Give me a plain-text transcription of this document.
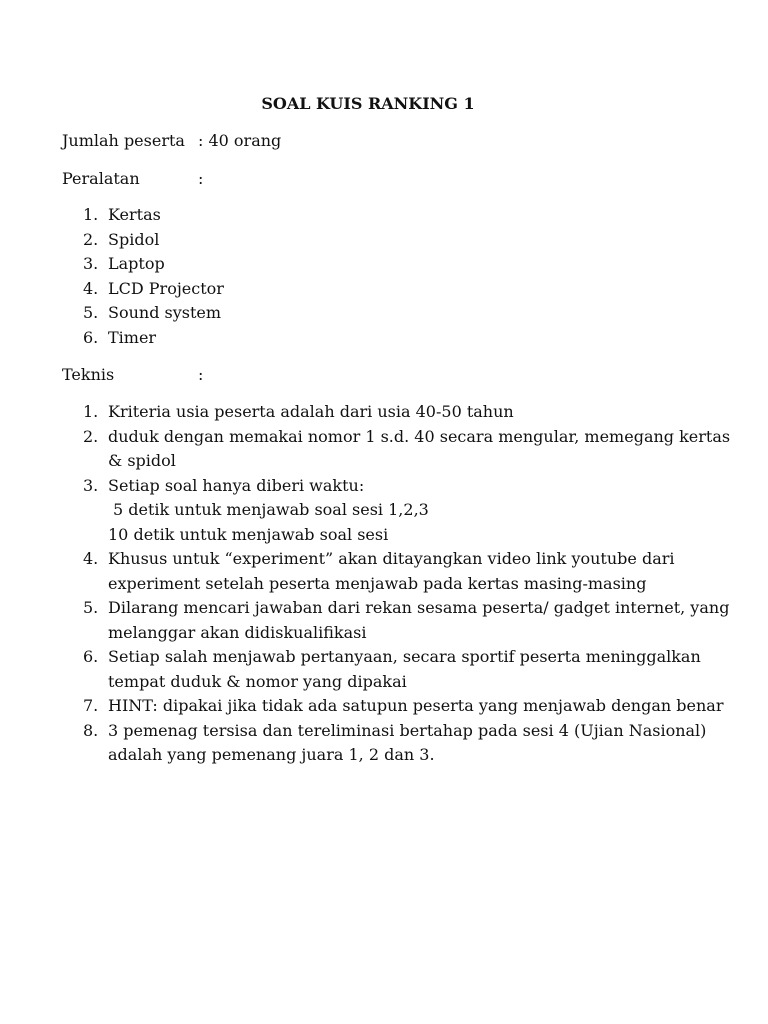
SOAL KUIS RANKING 1
Jumlah peserta : 40 orang
Peralatan	:
1. Kertas
2. Spidol
3. Laptop
4. LCD Projector
5. Sound system
6. Timer
Teknis	:
1. Kriteria usia peserta adalah dari usia 40-50 tahun
2. duduk dengan memakai nomor 1 s.d. 40 secara mengular, memegang kertas
& spidol
3. Setiap soal hanya diberi waktu:
5 detik untuk menjawab soal sesi 1,2,3
10 detik untuk menjawab soal sesi
4. Khusus untuk “experiment” akan ditayangkan video link youtube dari
experiment setelah peserta menjawab pada kertas masing-masing
5. Dilarang mencari jawaban dari rekan sesama peserta/ gadget internet, yang
melanggar akan didiskualifikasi
6. Setiap salah menjawab pertanyaan, secara sportif peserta meninggalkan
tempat duduk & nomor yang dipakai
7. HINT: dipakai jika tidak ada satupun peserta yang menjawab dengan benar
8. 3 pemenag tersisa dan tereliminasi bertahap pada sesi 4 (Ujian Nasional)
adalah yang pemenang juara 1, 2 dan 3.
